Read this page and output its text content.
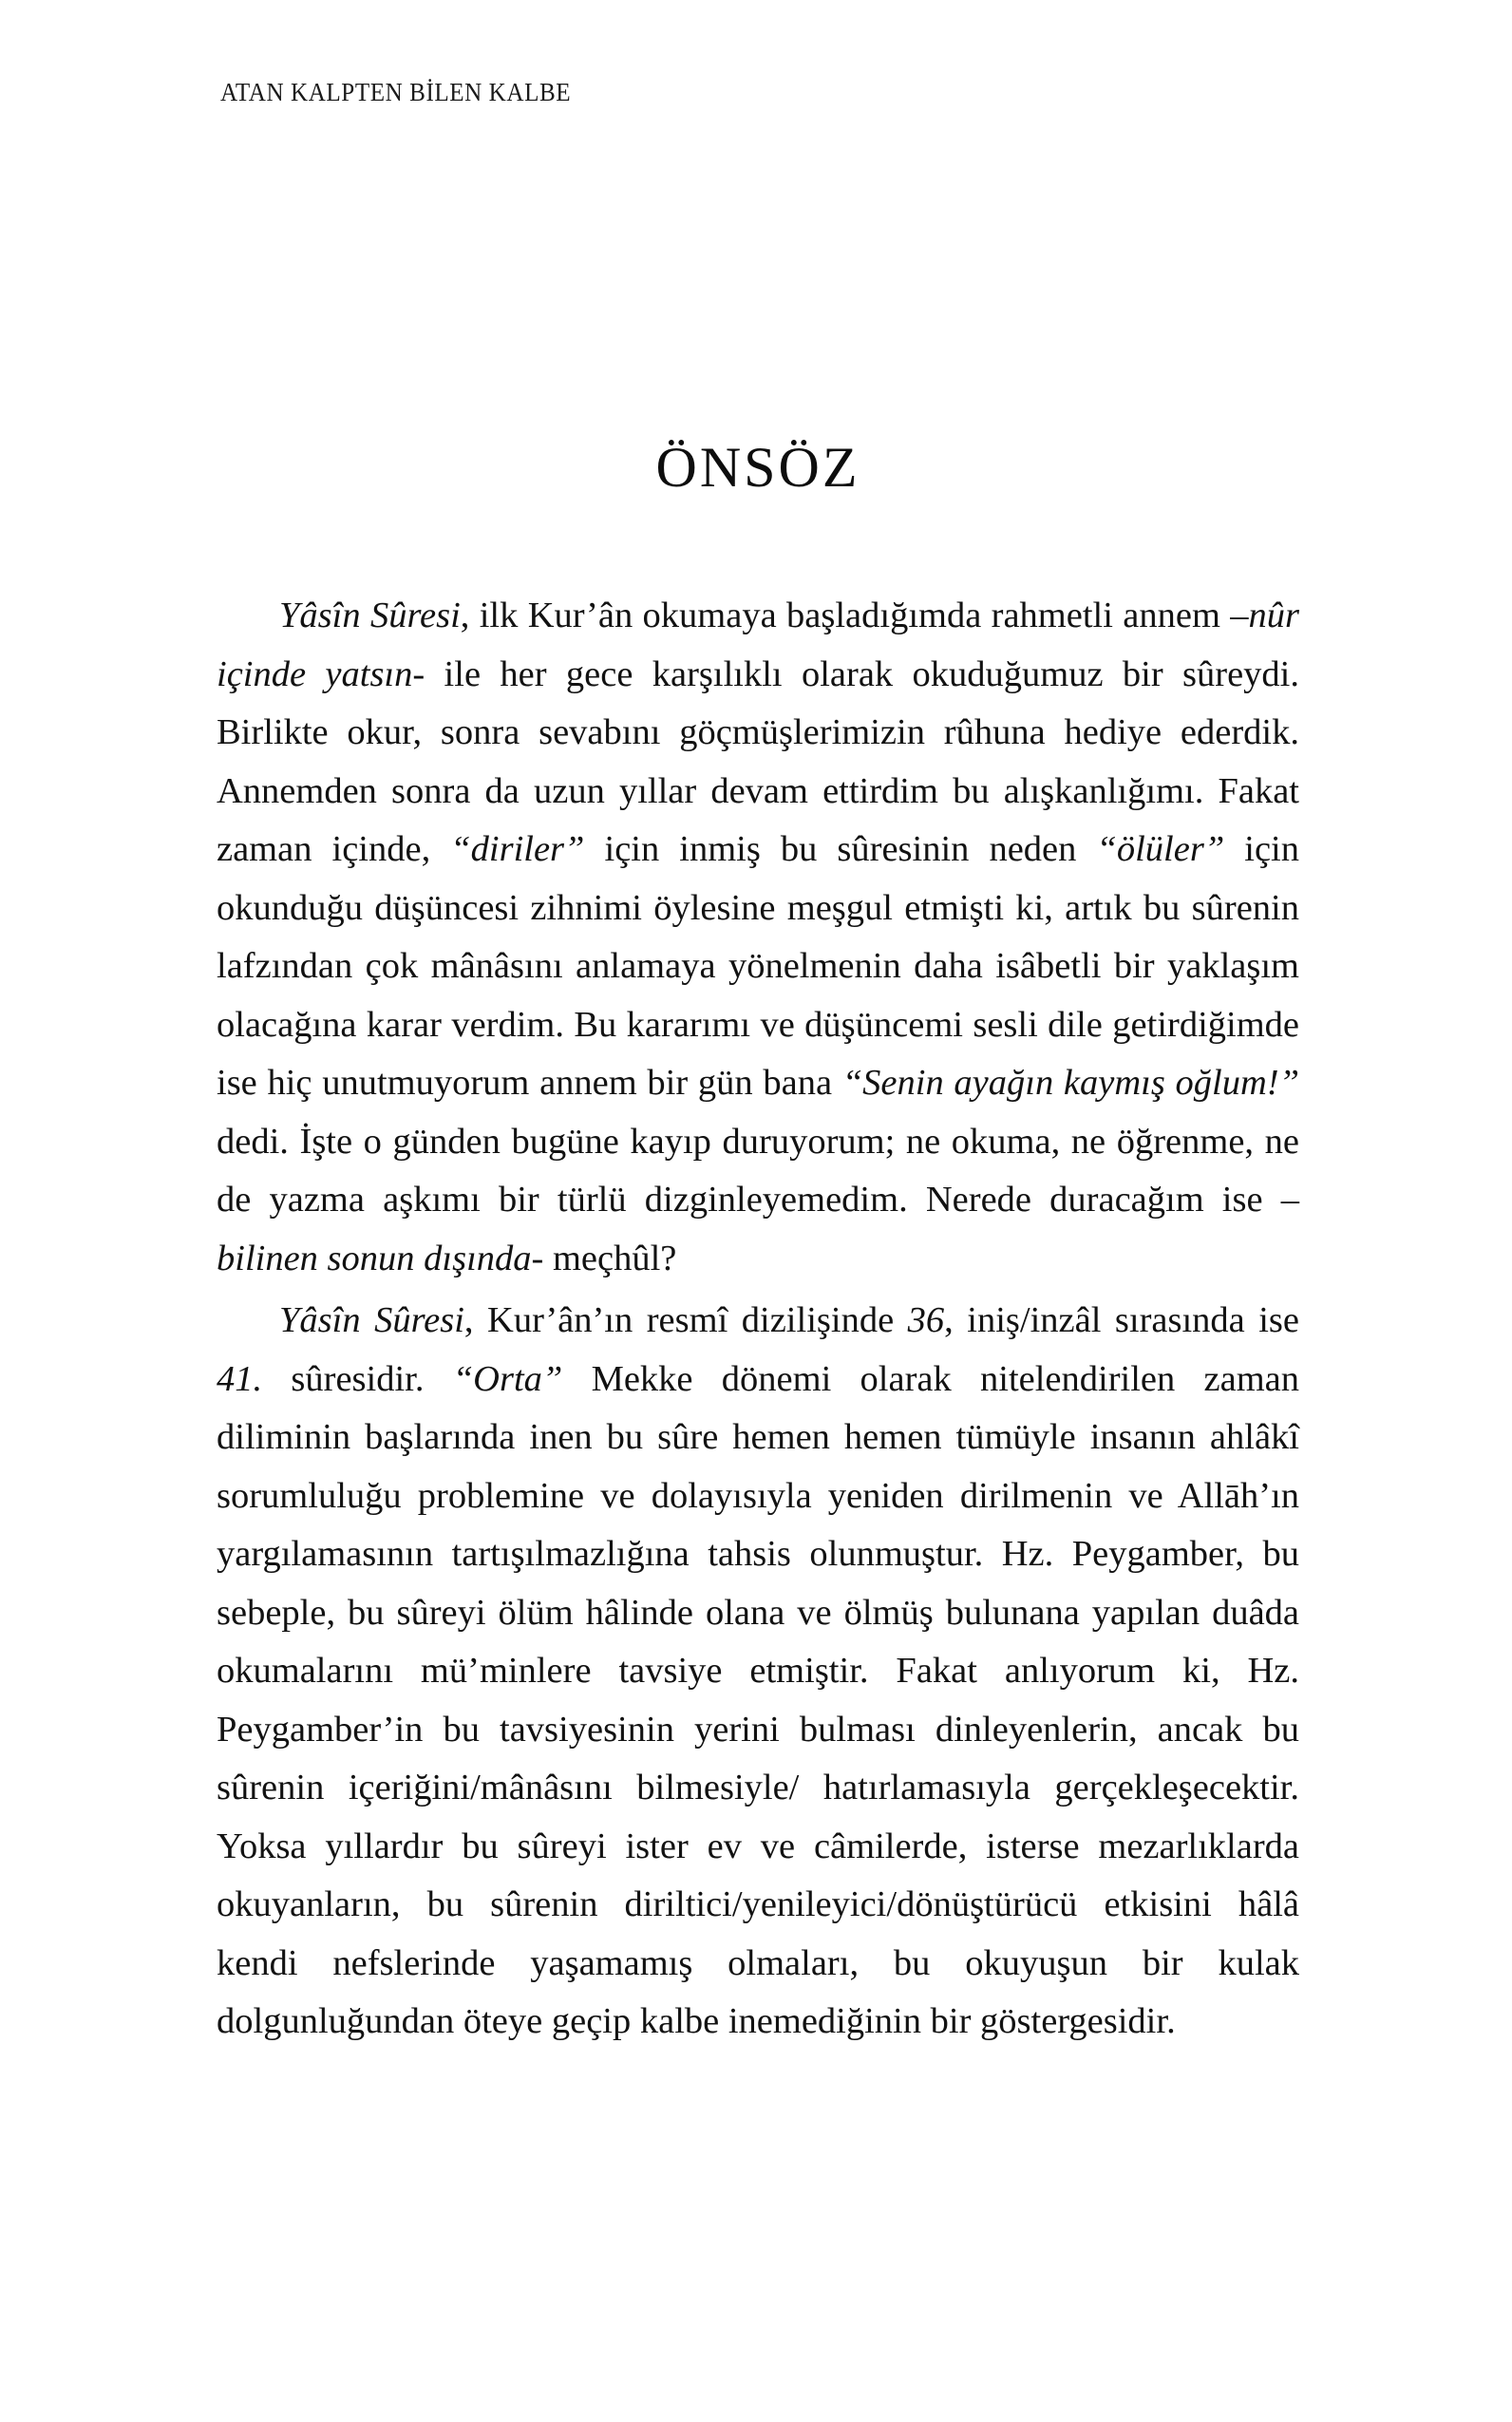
ATAN KALPTEN BİLEN KALBE
ÖNSÖZ

Yâsîn Sûresi, ilk Kur’ân okumaya başladığımda rahmetli annem –nûr içinde yatsın- ile her gece karşılıklı olarak okuduğumuz bir sûreydi. Birlikte okur, sonra sevabını göçmüşlerimizin rûhuna hediye ederdik. Annemden sonra da uzun yıllar devam ettirdim bu alışkanlığımı. Fakat zaman içinde, “diriler” için inmiş bu sûresinin neden “ölüler” için okunduğu düşüncesi zihnimi öylesine meşgul etmişti ki, artık bu sûrenin lafzından çok mânâsını anlamaya yönelmenin daha isâbetli bir yaklaşım olacağına karar verdim. Bu kararımı ve düşüncemi sesli dile getirdiğimde ise hiç unutmuyorum annem bir gün bana “Senin ayağın kaymış oğlum!” dedi. İşte o günden bugüne kayıp duruyorum; ne okuma, ne öğrenme, ne de yazma aşkımı bir türlü dizginleyemedim. Nerede duracağım ise –bilinen sonun dışında- meçhûl?

Yâsîn Sûresi, Kur’ân’ın resmî dizilişinde 36, iniş/inzâl sırasında ise 41. sûresidir. “Orta” Mekke dönemi olarak nitelendirilen zaman diliminin başlarında inen bu sûre hemen hemen tümüyle insanın ahlâkî sorumluluğu problemine ve dolayısıyla yeniden dirilmenin ve Allāh’ın yargılamasının tartışılmazlığına tahsis olunmuştur. Hz. Peygamber, bu sebeple, bu sûreyi ölüm hâlinde olana ve ölmüş bulunana yapılan duâda okumalarını mü’minlere tavsiye etmiştir. Fakat anlıyorum ki, Hz. Peygamber’in bu tavsiyesinin yerini bulması dinleyenlerin, ancak bu sûrenin içeriğini/mânâsını bilmesiyle/ hatırlamasıyla gerçekleşecektir. Yoksa yıllardır bu sûreyi ister ev ve câmilerde, isterse mezarlıklarda okuyanların, bu sûrenin diriltici/yenileyici/dönüştürücü etkisini hâlâ kendi nefslerinde yaşamamış olmaları, bu okuyuşun bir kulak dolgunluğundan öteye geçip kalbe inemediğinin bir göstergesidir.
